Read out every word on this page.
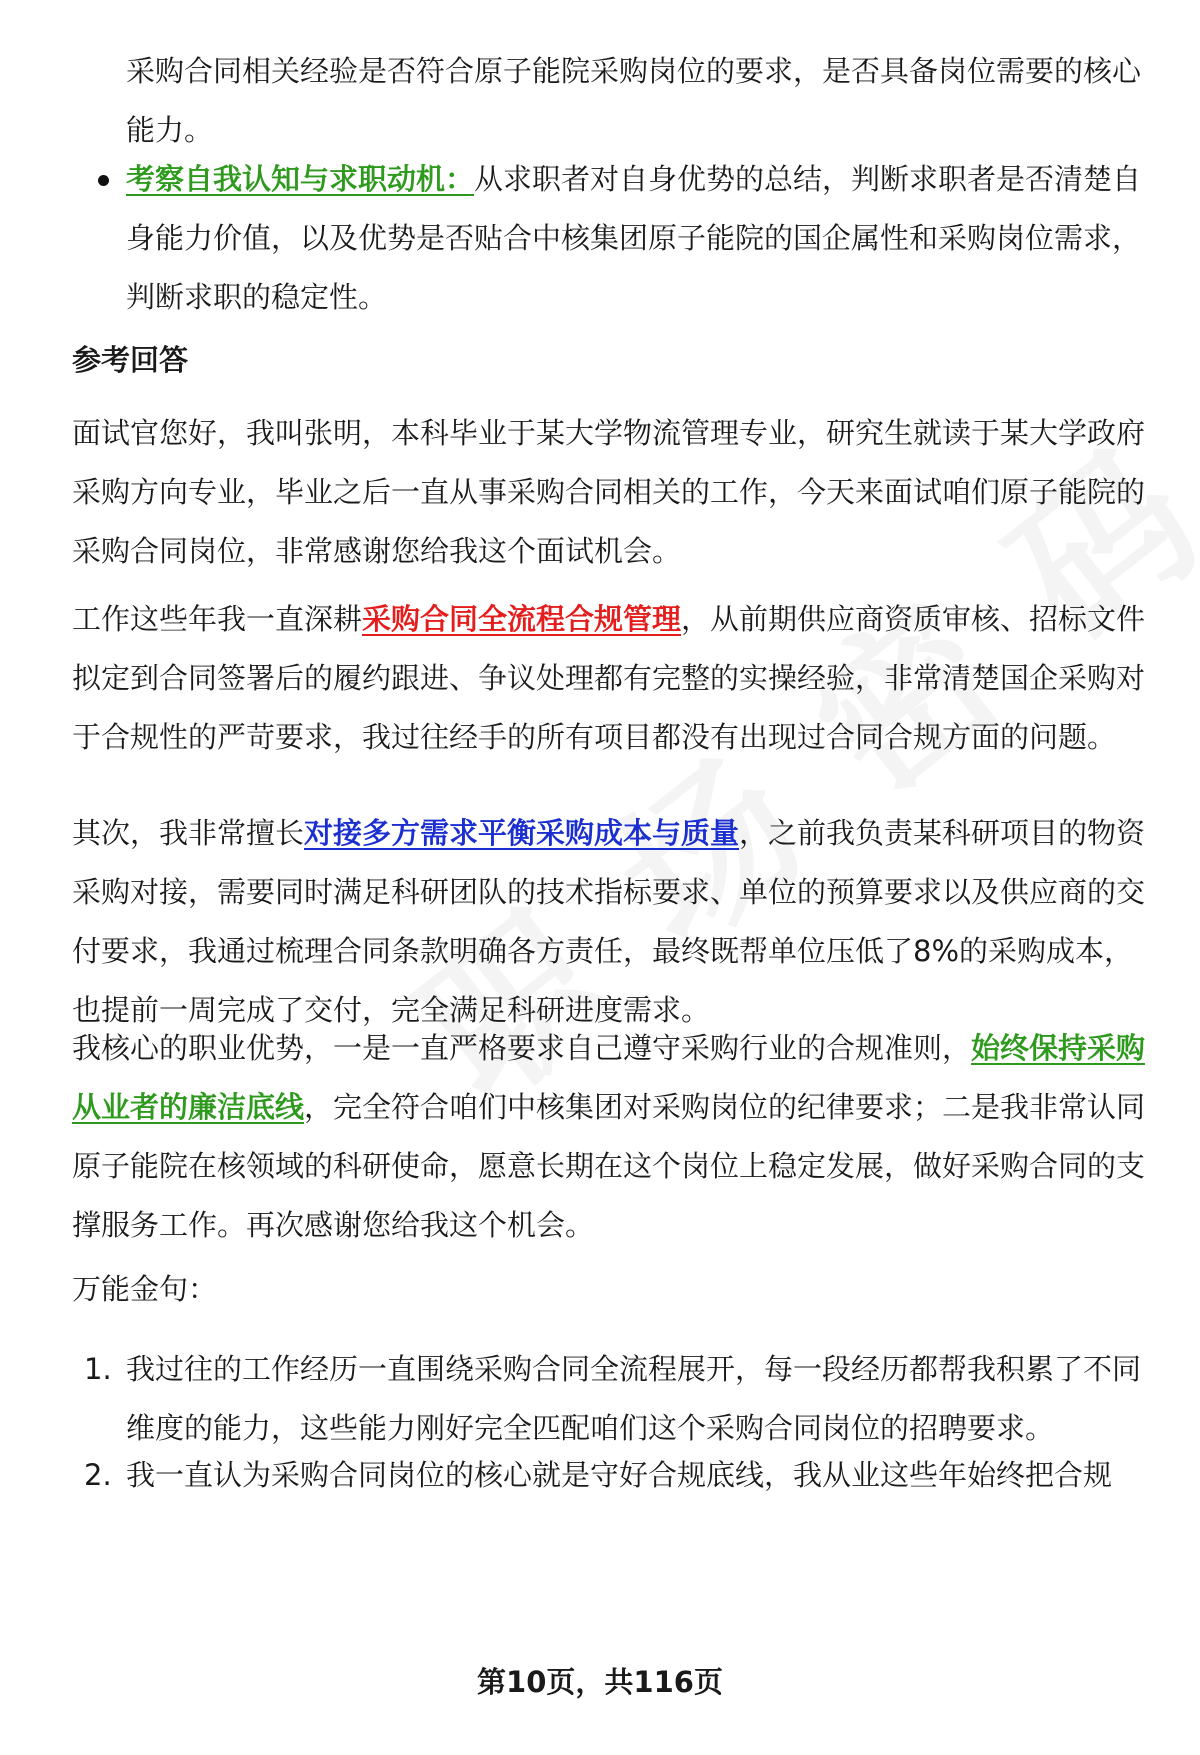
采购合同相关经验是否符合原子能院采购岗位的要求，是否具备岗位需要的核心能力。
考察自我认知与求职动机：从求职者对自身优势的总结，判断求职者是否清楚自身能力价值，以及优势是否贴合中核集团原子能院的国企属性和采购岗位需求，判断求职的稳定性。
参考回答
面试官您好，我叫张明，本科毕业于某大学物流管理专业，研究生就读于某大学政府采购方向专业，毕业之后一直从事采购合同相关的工作，今天来面试咱们原子能院的采购合同岗位，非常感谢您给我这个面试机会。
工作这些年我一直深耕采购合同全流程合规管理，从前期供应商资质审核、招标文件拟定到合同签署后的履约跟进、争议处理都有完整的实操经验，非常清楚国企采购对于合规性的严苛要求，我过往经手的所有项目都没有出现过合同合规方面的问题。
其次，我非常擅长对接多方需求平衡采购成本与质量，之前我负责某科研项目的物资采购对接，需要同时满足科研团队的技术指标要求、单位的预算要求以及供应商的交付要求，我通过梳理合同条款明确各方责任，最终既帮单位压低了8%的采购成本，也提前一周完成了交付，完全满足科研进度需求。
我核心的职业优势，一是一直严格要求自己遵守采购行业的合规准则，始终保持采购从业者的廉洁底线，完全符合咱们中核集团对采购岗位的纪律要求；二是我非常认同原子能院在核领域的科研使命，愿意长期在这个岗位上稳定发展，做好采购合同的支撑服务工作。再次感谢您给我这个机会。
万能金句：
1. 我过往的工作经历一直围绕采购合同全流程展开，每一段经历都帮我积累了不同维度的能力，这些能力刚好完全匹配咱们这个采购合同岗位的招聘要求。
2. 我一直认为采购合同岗位的核心就是守好合规底线，我从业这些年始终把合规
第10页，共116页
